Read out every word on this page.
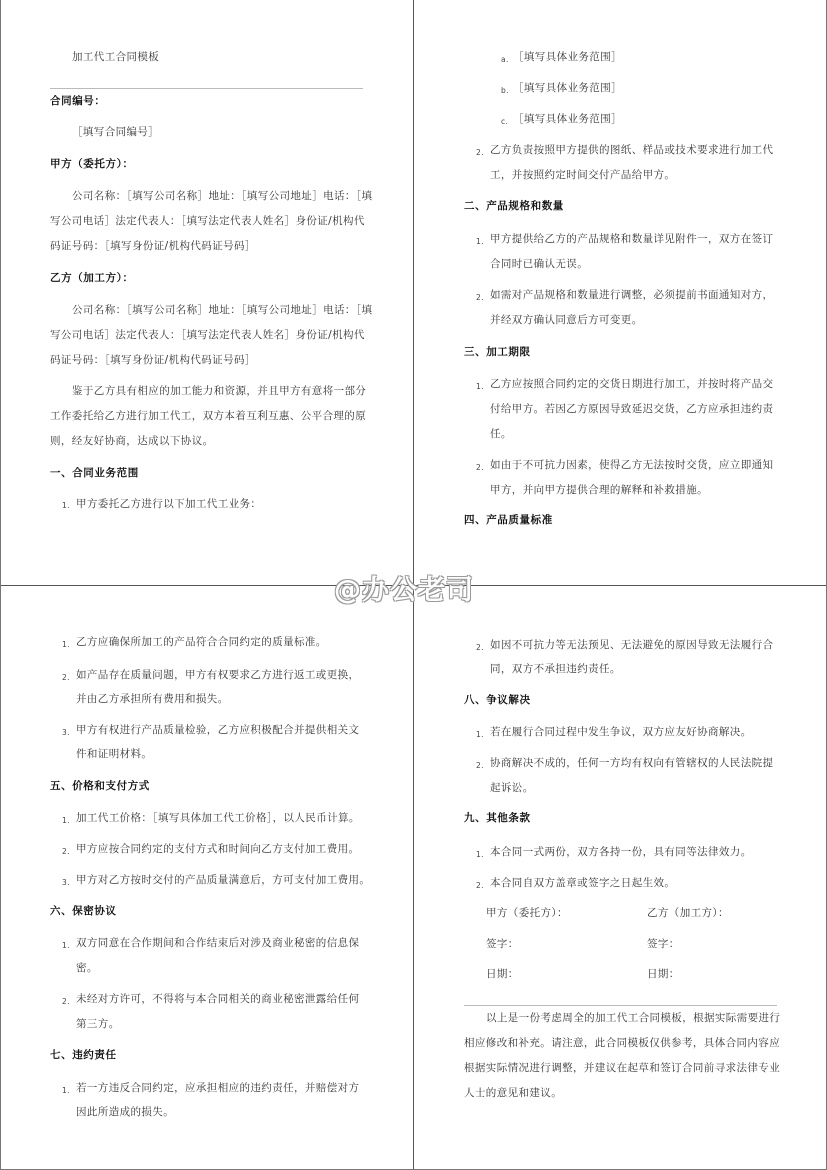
加工代工合同模板
合同编号：
［填写合同编号］
甲方（委托方）：
公司名称：［填写公司名称］地址：［填写公司地址］电话：［填
写公司电话］法定代表人：［填写法定代表人姓名］身份证/机构代
码证号码：［填写身份证/机构代码证号码］
乙方（加工方）：
公司名称：［填写公司名称］地址：［填写公司地址］电话：［填
写公司电话］法定代表人：［填写法定代表人姓名］身份证/机构代
码证号码：［填写身份证/机构代码证号码］
鉴于乙方具有相应的加工能力和资源，并且甲方有意将一部分
工作委托给乙方进行加工代工，双方本着互利互惠、公平合理的原
则，经友好协商，达成以下协议。
一、合同业务范围
1. 甲方委托乙方进行以下加工代工业务：
a. ［填写具体业务范围］
b. ［填写具体业务范围］
c. ［填写具体业务范围］
2. 乙方负责按照甲方提供的图纸、样品或技术要求进行加工代
工，并按照约定时间交付产品给甲方。
二、产品规格和数量
1. 甲方提供给乙方的产品规格和数量详见附件一，双方在签订
合同时已确认无误。
2. 如需对产品规格和数量进行调整，必须提前书面通知对方，
并经双方确认同意后方可变更。
三、加工期限
1. 乙方应按照合同约定的交货日期进行加工，并按时将产品交
付给甲方。若因乙方原因导致延迟交货，乙方应承担违约责
任。
2. 如由于不可抗力因素，使得乙方无法按时交货，应立即通知
甲方，并向甲方提供合理的解释和补救措施。
四、产品质量标准
1. 乙方应确保所加工的产品符合合同约定的质量标准。
2. 如产品存在质量问题，甲方有权要求乙方进行返工或更换，
并由乙方承担所有费用和损失。
3. 甲方有权进行产品质量检验，乙方应积极配合并提供相关文
件和证明材料。
五、价格和支付方式
1. 加工代工价格：［填写具体加工代工价格］，以人民币计算。
2. 甲方应按合同约定的支付方式和时间向乙方支付加工费用。
3. 甲方对乙方按时交付的产品质量满意后，方可支付加工费用。
六、保密协议
1. 双方同意在合作期间和合作结束后对涉及商业秘密的信息保
密。
2. 未经对方许可，不得将与本合同相关的商业秘密泄露给任何
第三方。
七、违约责任
1. 若一方违反合同约定，应承担相应的违约责任，并赔偿对方
因此所造成的损失。
2. 如因不可抗力等无法预见、无法避免的原因导致无法履行合
同，双方不承担违约责任。
八、争议解决
1. 若在履行合同过程中发生争议，双方应友好协商解决。
2. 协商解决不成的，任何一方均有权向有管辖权的人民法院提
起诉讼。
九、其他条款
1. 本合同一式两份，双方各持一份，具有同等法律效力。
2. 本合同自双方盖章或签字之日起生效。
甲方（委托方）：	乙方（加工方）：
签字：	签字：
日期：	日期：
以上是一份考虑周全的加工代工合同模板，根据实际需要进行
相应修改和补充。请注意，此合同模板仅供参考，具体合同内容应
根据实际情况进行调整，并建议在起草和签订合同前寻求法律专业
人士的意见和建议。
@办公老司
